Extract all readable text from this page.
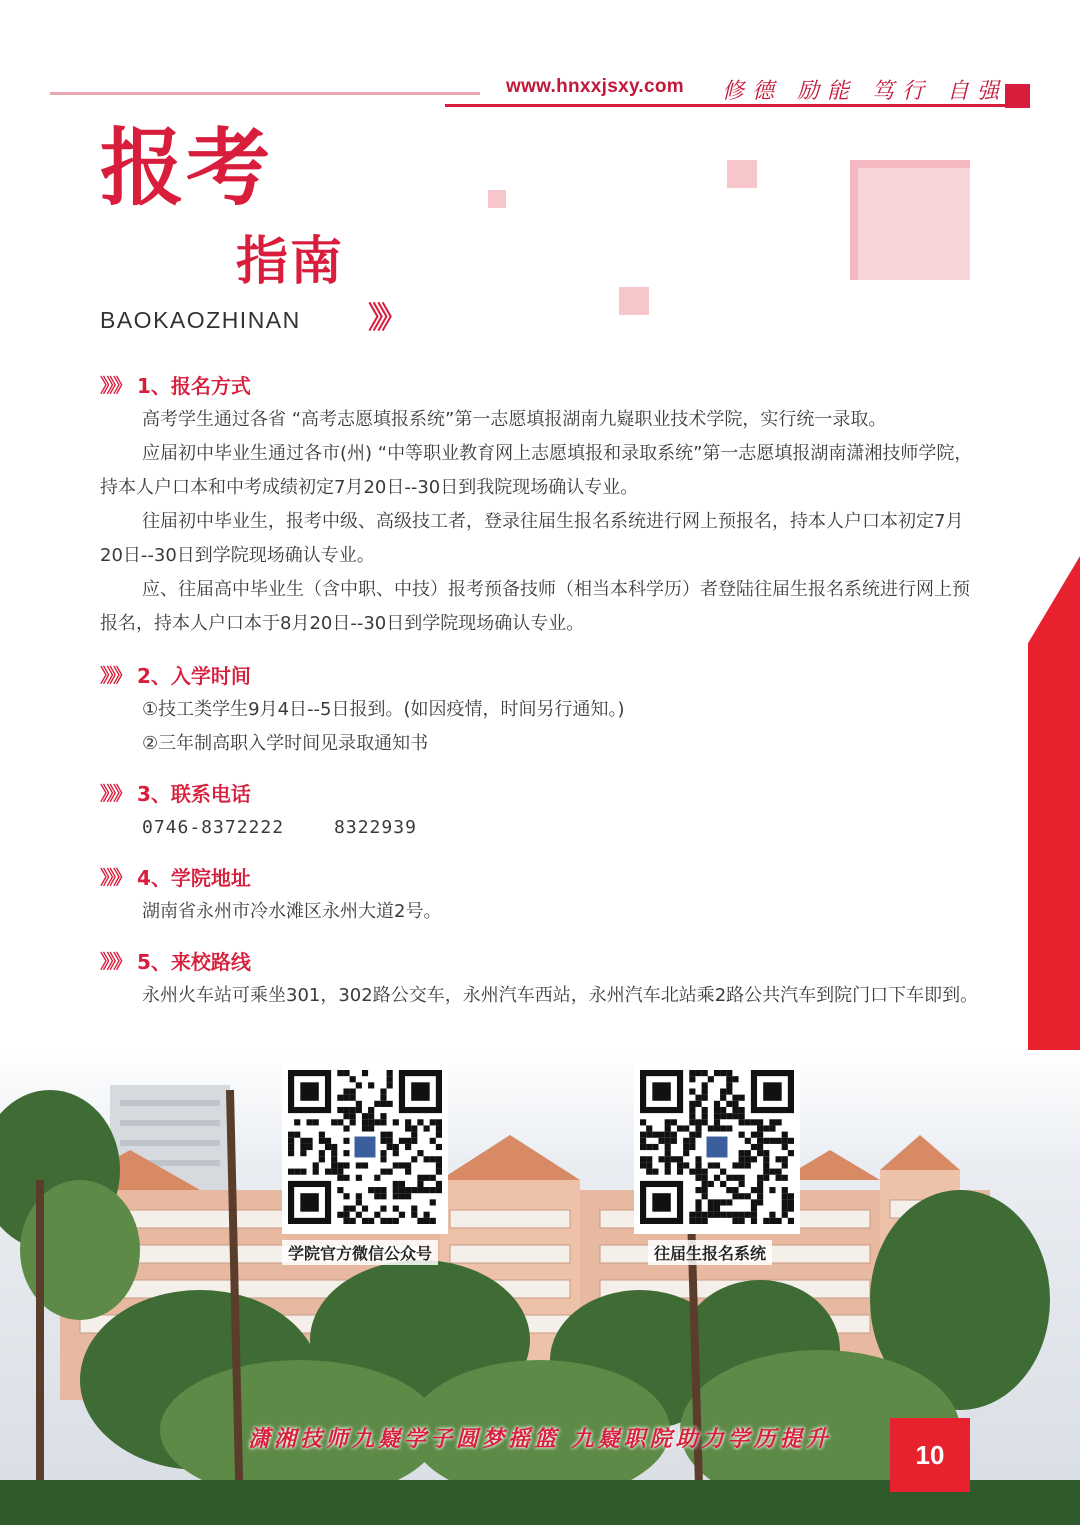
www.hnxxjsxy.com 修德 励能 笃行 自强
报考
指南
BAOKAOZHINAN 》》
》》》 1、报名方式

高考学生通过各省 “高考志愿填报系统”第一志愿填报湖南九嶷职业技术学院，实行统一录取。

应届初中毕业生通过各市(州) “中等职业教育网上志愿填报和录取系统”第一志愿填报湖南潇湘技师学院，持本人户口本和中考成绩初定7月20日--30日到我院现场确认专业。

往届初中毕业生，报考中级、高级技工者，登录往届生报名系统进行网上预报名，持本人户口本初定7月20日--30日到学院现场确认专业。

应、往届高中毕业生（含中职、中技）报考预备技师（相当本科学历）者登陆往届生报名系统进行网上预报名，持本人户口本于8月20日--30日到学院现场确认专业。

》》》 2、入学时间

①技工类学生9月4日--5日报到。(如因疫情，时间另行通知。)

②三年制高职入学时间见录取通知书

》》》 3、联系电话
0746-8372222	8322939
》》》 4、学院地址

湖南省永州市冷水滩区永州大道2号。

》》》 5、来校路线

永州火车站可乘坐301，302路公交车，永州汽车西站，永州汽车北站乘2路公共汽车到院门口下车即到。

学院官方微信公众号	往届生报名系统
潇湘技师九嶷学子圆梦摇篮 九嶷职院助力学历提升
10
